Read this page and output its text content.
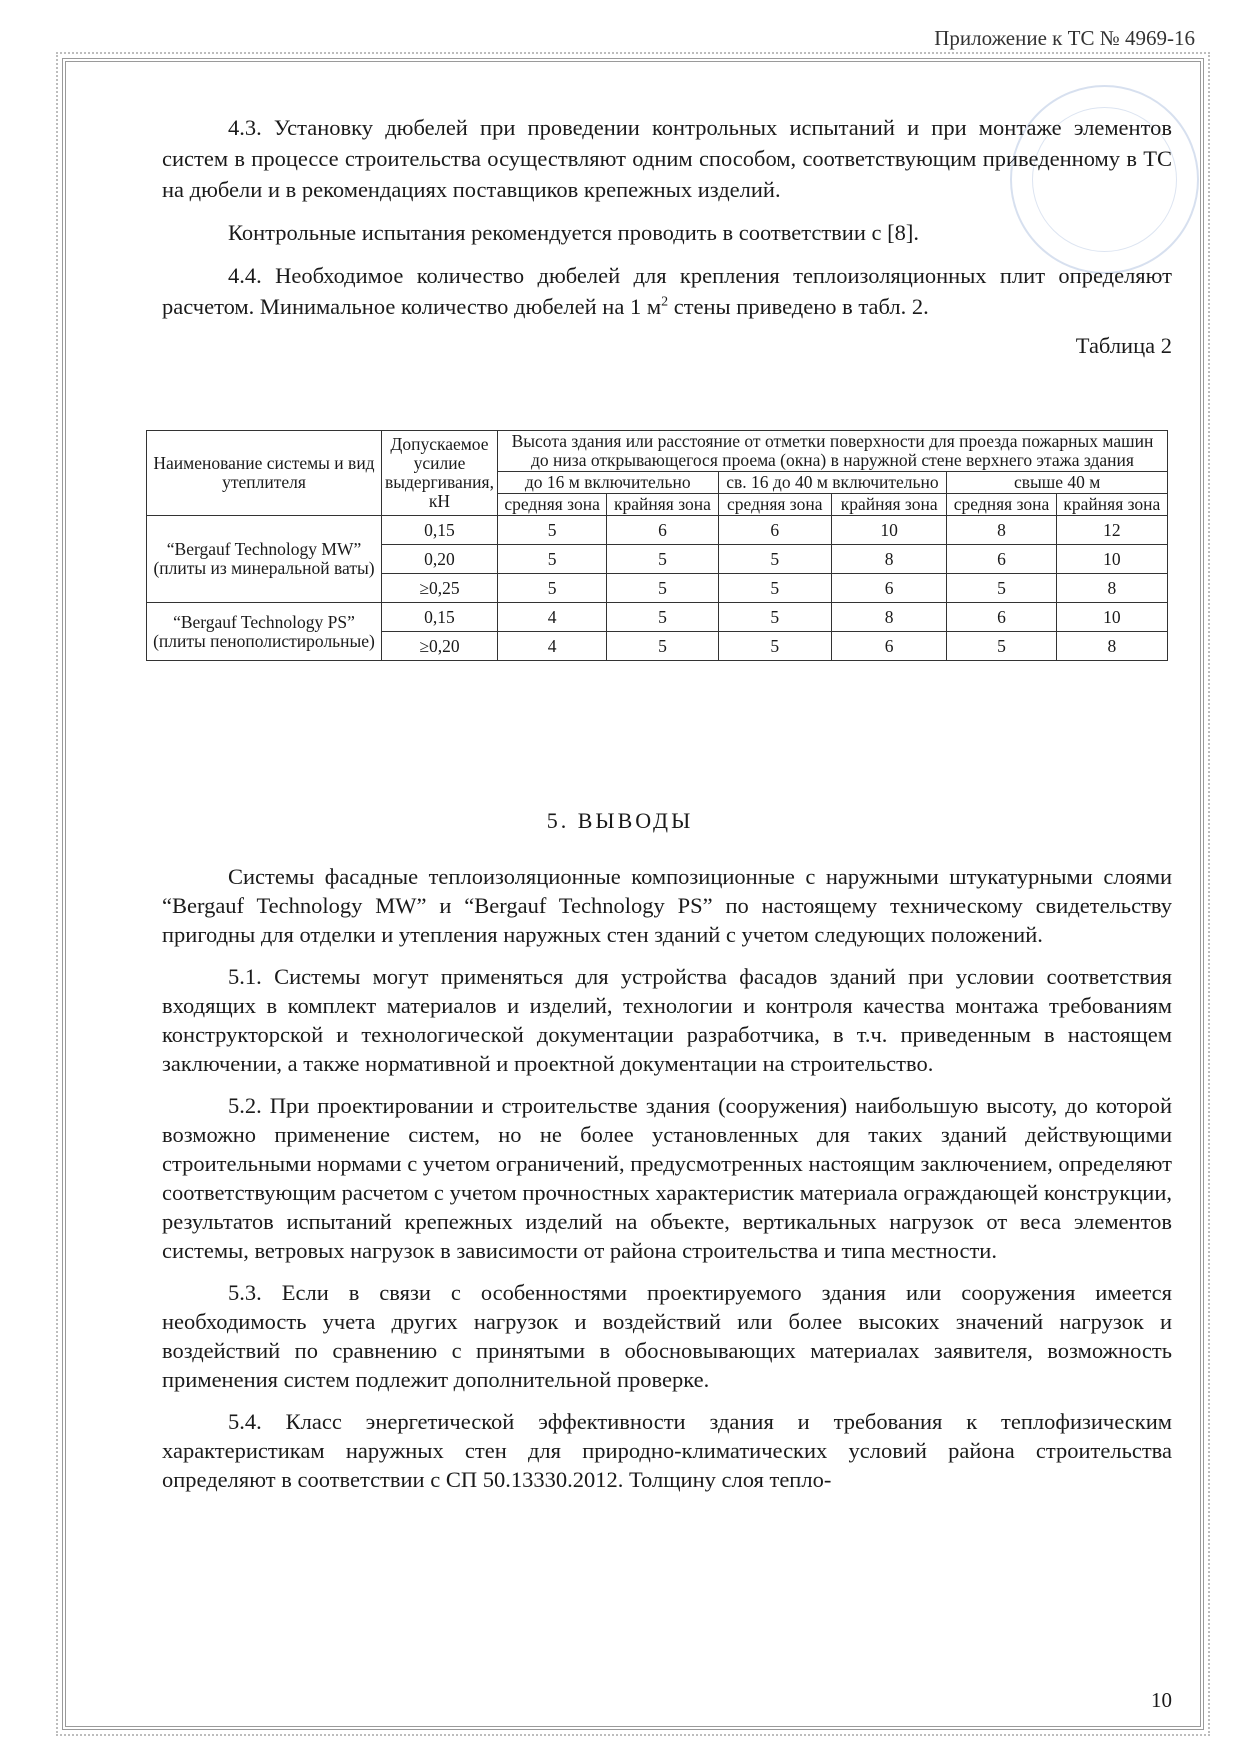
Приложение к ТС № 4969-16

4.3. Установку дюбелей при проведении контрольных испытаний и при монтаже элементов систем в процессе строительства осуществляют одним способом, соответствующим приведенному в ТС на дюбели и в рекомендациях поставщиков крепежных изделий.

Контрольные испытания рекомендуется проводить в соответствии с [8].

4.4. Необходимое количество дюбелей для крепления теплоизоляционных плит определяют расчетом. Минимальное количество дюбелей на 1 $м^2$ стены приведено в табл. 2.

Таблица 2

Наименование системы и вид утеплителя	Допускаемое усилие выдергивания, кН	Высота здания или расстояние от отметки поверхности для проезда пожарных машин до низа открывающегося проема (окна) в наружной стене верхнего этажа здания					
		до 16 м включительно		св. 16 до 40 м включительно		свыше 40 м	
		средняя зона	крайняя зона	средняя зона	крайняя зона	средняя зона	крайняя зона

“Bergauf Technology MW”
(плиты из минеральной ваты)	0,15	5	6	6	10	8	12
	0,20	5	5	5	8	6	10
	≥0,25	5	5	5	6	5	8

“Bergauf Technology PS”
(плиты пенополистирольные)	0,15	4	5	5	8	6	10
	≥0,20	4	5	5	6	5	8
5. ВЫВОДЫ

Системы фасадные теплоизоляционные композиционные с наружными штукатурными слоями “Bergauf Technology MW” и “Bergauf Technology PS” по настоящему техническому свидетельству пригодны для отделки и утепления наружных стен зданий с учетом следующих положений.

5.1. Системы могут применяться для устройства фасадов зданий при условии соответствия входящих в комплект материалов и изделий, технологии и контроля качества монтажа требованиям конструкторской и технологической документации разработчика, в т.ч. приведенным в настоящем заключении, а также нормативной и проектной документации на строительство.

5.2. При проектировании и строительстве здания (сооружения) наибольшую высоту, до которой возможно применение систем, но не более установленных для таких зданий действующими строительными нормами с учетом ограничений, предусмотренных настоящим заключением, определяют соответствующим расчетом с учетом прочностных характеристик материала ограждающей конструкции, результатов испытаний крепежных изделий на объекте, вертикальных нагрузок от веса элементов системы, ветровых нагрузок в зависимости от района строительства и типа местности.

5.3. Если в связи с особенностями проектируемого здания или сооружения имеется необходимость учета других нагрузок и воздействий или более высоких значений нагрузок и воздействий по сравнению с принятыми в обосновывающих материалах заявителя, возможность применения систем подлежит дополнительной проверке.

5.4. Класс энергетической эффективности здания и требования к теплофизическим характеристикам наружных стен для природно-климатических условий района строительства определяют в соответствии с СП 50.13330.2012. Толщину слоя тепло-

10
